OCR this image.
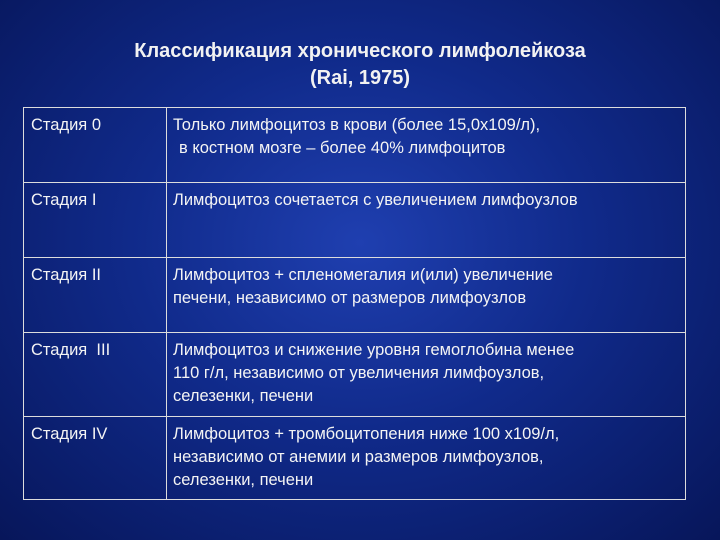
Классификация хронического лимфолейкоза
(Rai, 1975)
Стадия 0	Только лимфоцитоз в крови (более 15,0х109/л),
в костном мозге – более 40% лимфоцитов

Стадия I	Лимфоцитоз сочетается с увеличением лимфоузлов

Стадия II	Лимфоцитоз + спленомегалия и(или) увеличение
печени, независимо от размеров лимфоузлов

Стадия  III	Лимфоцитоз и снижение уровня гемоглобина менее
110 г/л, независимо от увеличения лимфоузлов,
селезенки, печени

Стадия IV	Лимфоцитоз + тромбоцитопения ниже 100 х109/л,
независимо от анемии и размеров лимфоузлов,
селезенки, печени
